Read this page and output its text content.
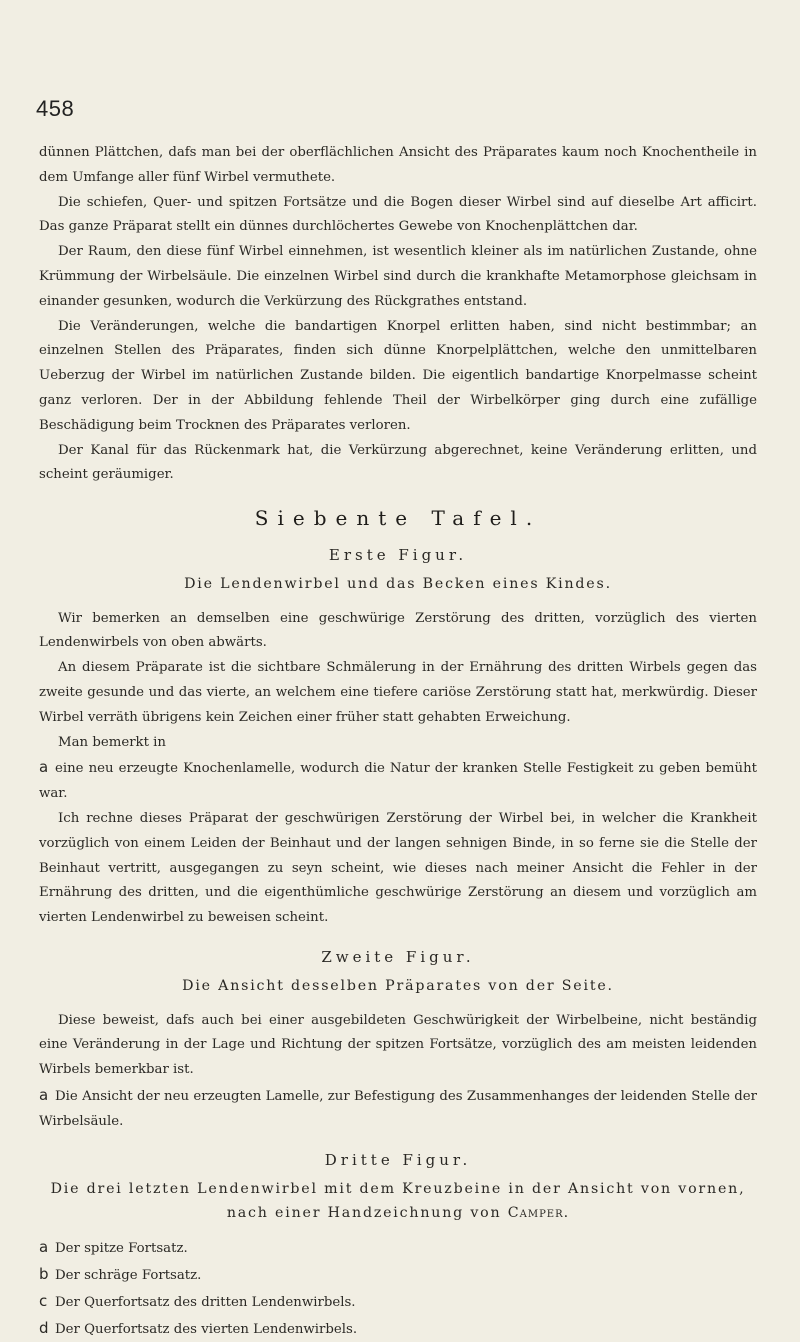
458

dünnen Plättchen, dafs man bei der oberflächlichen Ansicht des Präparates kaum noch Knochentheile in dem Umfange aller fünf Wirbel vermuthete.

Die schiefen, Quer- und spitzen Fortsätze und die Bogen dieser Wirbel sind auf dieselbe Art afficirt. Das ganze Präparat stellt ein dünnes durchlöchertes Gewebe von Knochenplättchen dar.

Der Raum, den diese fünf Wirbel einnehmen, ist wesentlich kleiner als im natürlichen Zustande, ohne Krümmung der Wirbelsäule. Die einzelnen Wirbel sind durch die krankhafte Metamorphose gleichsam in einander gesunken, wodurch die Verkürzung des Rückgrathes entstand.

Die Veränderungen, welche die bandartigen Knorpel erlitten haben, sind nicht bestimmbar; an einzelnen Stellen des Präparates, finden sich dünne Knorpelplättchen, welche den unmittelbaren Ueberzug der Wirbel im natürlichen Zustande bilden. Die eigentlich bandartige Knorpelmasse scheint ganz verloren. Der in der Abbildung fehlende Theil der Wirbelkörper ging durch eine zufällige Beschädigung beim Trocknen des Präparates verloren.

Der Kanal für das Rückenmark hat, die Verkürzung abgerechnet, keine Veränderung erlitten, und scheint geräumiger.

Siebente Tafel.
Erste Figur.
Die Lendenwirbel und das Becken eines Kindes.

Wir bemerken an demselben eine geschwürige Zerstörung des dritten, vorzüglich des vierten Lendenwirbels von oben abwärts.

An diesem Präparate ist die sichtbare Schmälerung in der Ernährung des dritten Wirbels gegen das zweite gesunde und das vierte, an welchem eine tiefere cariöse Zerstörung statt hat, merkwürdig. Dieser Wirbel verräth übrigens kein Zeichen einer früher statt gehabten Erweichung.

Man bemerkt in

a eine neu erzeugte Knochenlamelle, wodurch die Natur der kranken Stelle Festigkeit zu geben bemüht war.

Ich rechne dieses Präparat der geschwürigen Zerstörung der Wirbel bei, in welcher die Krankheit vorzüglich von einem Leiden der Beinhaut und der langen sehnigen Binde, in so ferne sie die Stelle der Beinhaut vertritt, ausgegangen zu seyn scheint, wie dieses nach meiner Ansicht die Fehler in der Ernährung des dritten, und die eigenthümliche geschwürige Zerstörung an diesem und vorzüglich am vierten Lendenwirbel zu beweisen scheint.

Zweite Figur.
Die Ansicht desselben Präparates von der Seite.

Diese beweist, dafs auch bei einer ausgebildeten Geschwürigkeit der Wirbelbeine, nicht beständig eine Veränderung in der Lage und Richtung der spitzen Fortsätze, vorzüglich des am meisten leidenden Wirbels bemerkbar ist.

a Die Ansicht der neu erzeugten Lamelle, zur Befestigung des Zusammenhanges der leidenden Stelle der Wirbelsäule.

Dritte Figur.
Die drei letzten Lendenwirbel mit dem Kreuzbeine in der Ansicht von vornen,
nach einer Handzeichnung von Camper.

a Der spitze Fortsatz.

b Der schräge Fortsatz.

c Der Querfortsatz des dritten Lendenwirbels.

d Der Querfortsatz des vierten Lendenwirbels.
